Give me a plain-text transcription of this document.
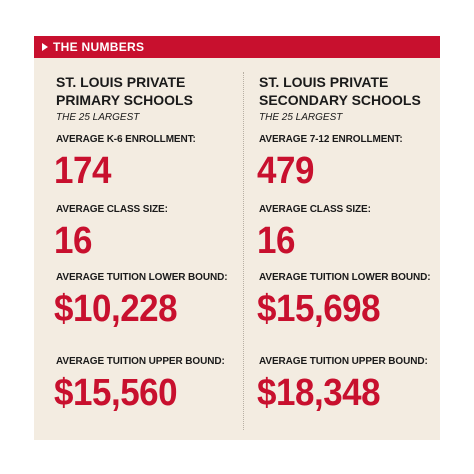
THE NUMBERS
ST. LOUIS PRIVATE
PRIMARY SCHOOLS
THE 25 LARGEST
AVERAGE K-6 ENROLLMENT:
174
AVERAGE CLASS SIZE:
16
AVERAGE TUITION LOWER BOUND:
$10,228
AVERAGE TUITION UPPER BOUND:
$15,560
ST. LOUIS PRIVATE
SECONDARY SCHOOLS
THE 25 LARGEST
AVERAGE 7-12 ENROLLMENT:
479
AVERAGE CLASS SIZE:
16
AVERAGE TUITION LOWER BOUND:
$15,698
AVERAGE TUITION UPPER BOUND:
$18,348
